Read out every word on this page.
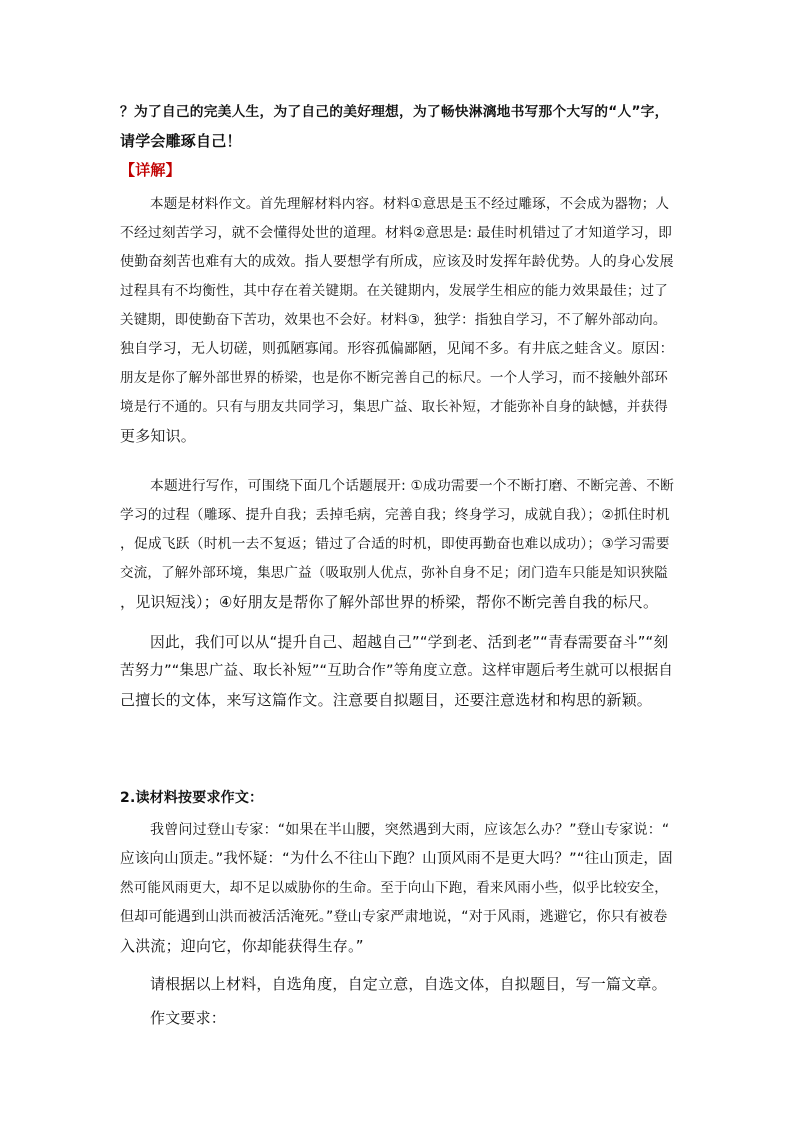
？为了自己的完美人生，为了自己的美好理想，为了畅快淋漓地书写那个大写的“人”字，
请学会雕琢自己！
【详解】
本题是材料作文。首先理解材料内容。材料①意思是玉不经过雕琢，不会成为器物；人
不经过刻苦学习，就不会懂得处世的道理。材料②意思是: 最佳时机错过了才知道学习，即
使勤奋刻苦也难有大的成效。指人要想学有所成，应该及时发挥年龄优势。人的身心发展
过程具有不均衡性，其中存在着关键期。在关键期内，发展学生相应的能力效果最佳；过了
关键期，即使勤奋下苦功，效果也不会好。材料③，独学：指独自学习，不了解外部动向。
独自学习，无人切磋，则孤陋寡闻。形容孤偏鄙陋，见闻不多。有井底之蛙含义。原因：
朋友是你了解外部世界的桥梁，也是你不断完善自己的标尺。一个人学习，而不接触外部环
境是行不通的。只有与朋友共同学习，集思广益、取长补短，才能弥补自身的缺憾，并获得
更多知识。
本题进行写作，可围绕下面几个话题展开: ①成功需要一个不断打磨、不断完善、不断
学习的过程（雕琢、提升自我；丢掉毛病，完善自我；终身学习，成就自我）；②抓住时机
，促成飞跃（时机一去不复返；错过了合适的时机，即使再勤奋也难以成功）；③学习需要
交流，了解外部环境，集思广益（吸取别人优点，弥补自身不足；闭门造车只能是知识狭隘
，见识短浅）；④好朋友是帮你了解外部世界的桥梁，帮你不断完善自我的标尺。
因此，我们可以从“提升自己、超越自己”“学到老、活到老”“青春需要奋斗”“刻
苦努力”“集思广益、取长补短”“互助合作”等角度立意。这样审题后考生就可以根据自
己擅长的文体，来写这篇作文。注意要自拟题目，还要注意选材和构思的新颖。
2.读材料按要求作文：
我曾问过登山专家：“如果在半山腰，突然遇到大雨，应该怎么办？”登山专家说：“
应该向山顶走。”我怀疑：“为什么不往山下跑？山顶风雨不是更大吗？”“往山顶走，固
然可能风雨更大，却不足以威胁你的生命。至于向山下跑，看来风雨小些，似乎比较安全，
但却可能遇到山洪而被活活淹死。”登山专家严肃地说，“对于风雨，逃避它，你只有被卷
入洪流；迎向它，你却能获得生存。”
请根据以上材料，自选角度，自定立意，自选文体，自拟题目，写一篇文章。
作文要求：
